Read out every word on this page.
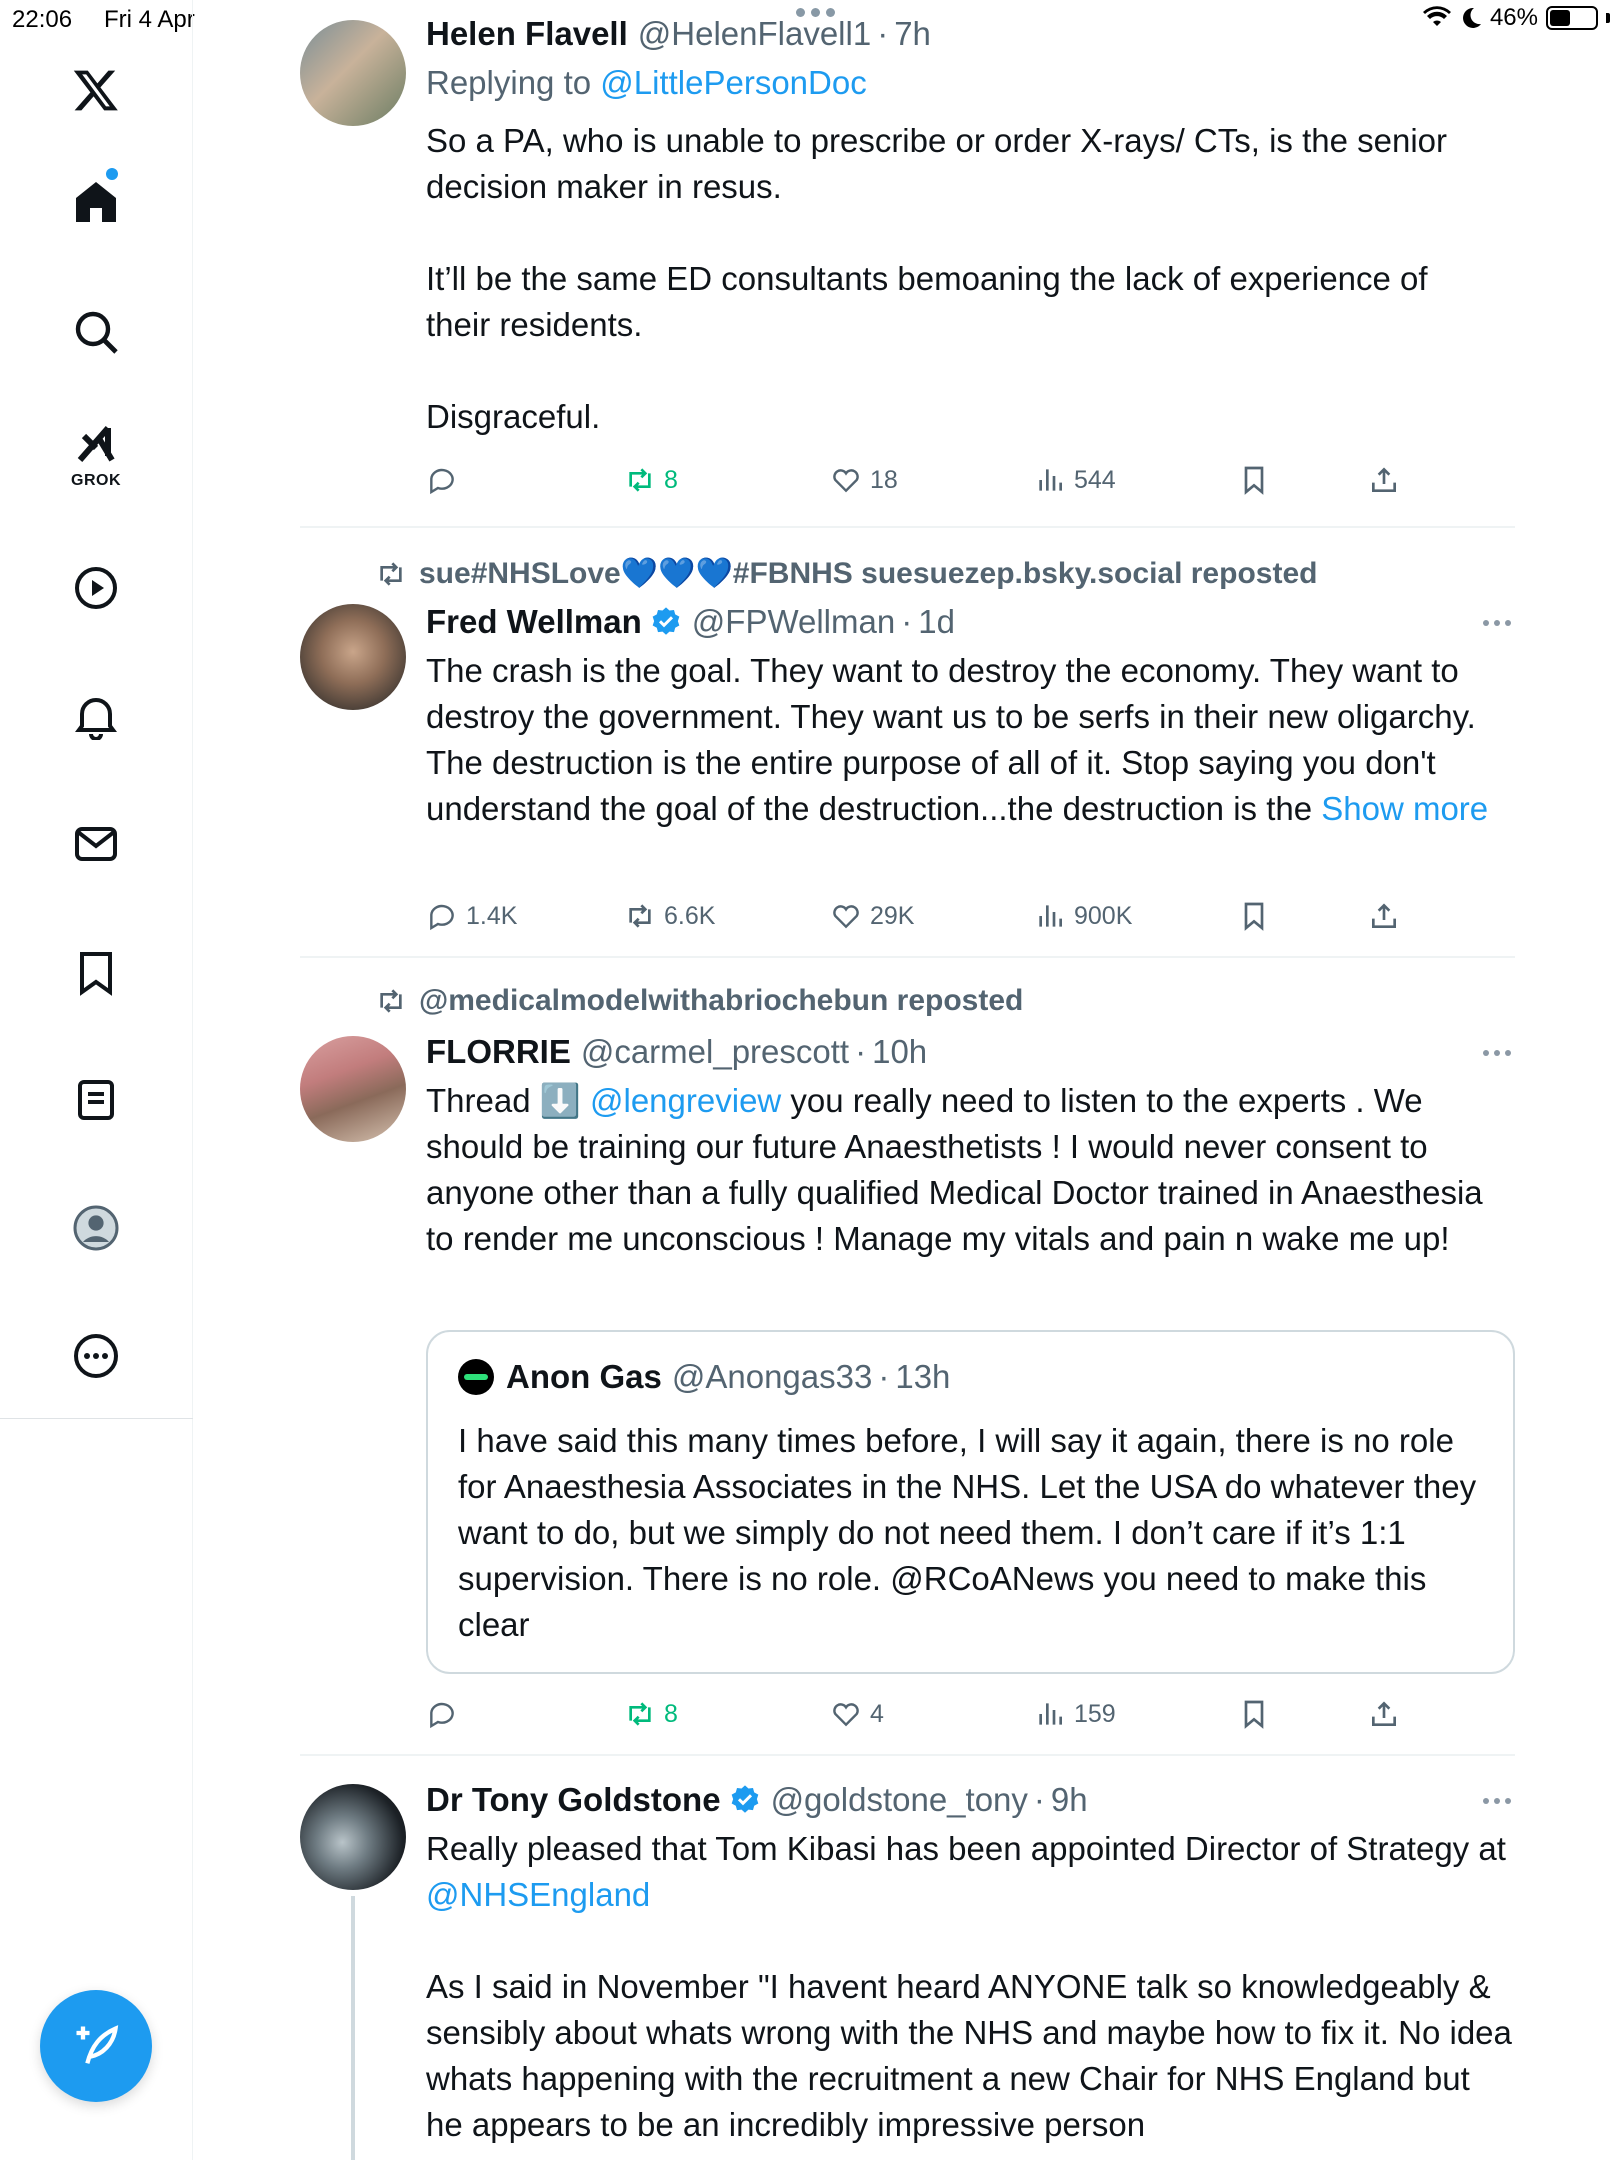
22:06 Fri 4 Apr	46%
GROK
Helen Flavell @HelenFlavell1 · 7h
Replying to @LittlePersonDoc
So a PA, who is unable to prescribe or order X-rays/ CTs, is the senior decision maker in resus.

It’ll be the same ED consultants bemoaning the lack of experience of their residents.

Disgraceful.
8	18	544
sue#NHSLove💙💙💙#FBNHS suesuezep.bsky.social reposted
Fred Wellman @FPWellman · 1d
The crash is the goal. They want to destroy the economy. They want to destroy the government. They want us to be serfs in their new oligarchy. The destruction is the entire purpose of all of it. Stop saying you don't understand the goal of the destruction...the destruction is the Show more
1.4K	6.6K	29K	900K
@medicalmodelwithabriochebun reposted
FLORRIE @carmel_prescott · 10h
Thread ⬇️ @lengreview you really need to listen to the experts . We should be training our future Anaesthetists ! I would never consent to anyone other than a fully qualified Medical Doctor trained in Anaesthesia to render me unconscious ! Manage my vitals and pain n wake me up!
Anon Gas @Anongas33 · 13h
I have said this many times before, I will say it again, there is no role for Anaesthesia Associates in the NHS. Let the USA do whatever they want to do, but we simply do not need them. I don’t care if it’s 1:1 supervision. There is no role. @RCoANews you need to make this clear
8	4	159
Dr Tony Goldstone @goldstone_tony · 9h
Really pleased that Tom Kibasi has been appointed Director of Strategy at @NHSEngland

As I said in November "I havent heard ANYONE talk so knowledgeably & sensibly about whats wrong with the NHS and maybe how to fix it. No idea whats happening with the recruitment a new Chair for NHS England but he appears to be an incredibly impressive person
